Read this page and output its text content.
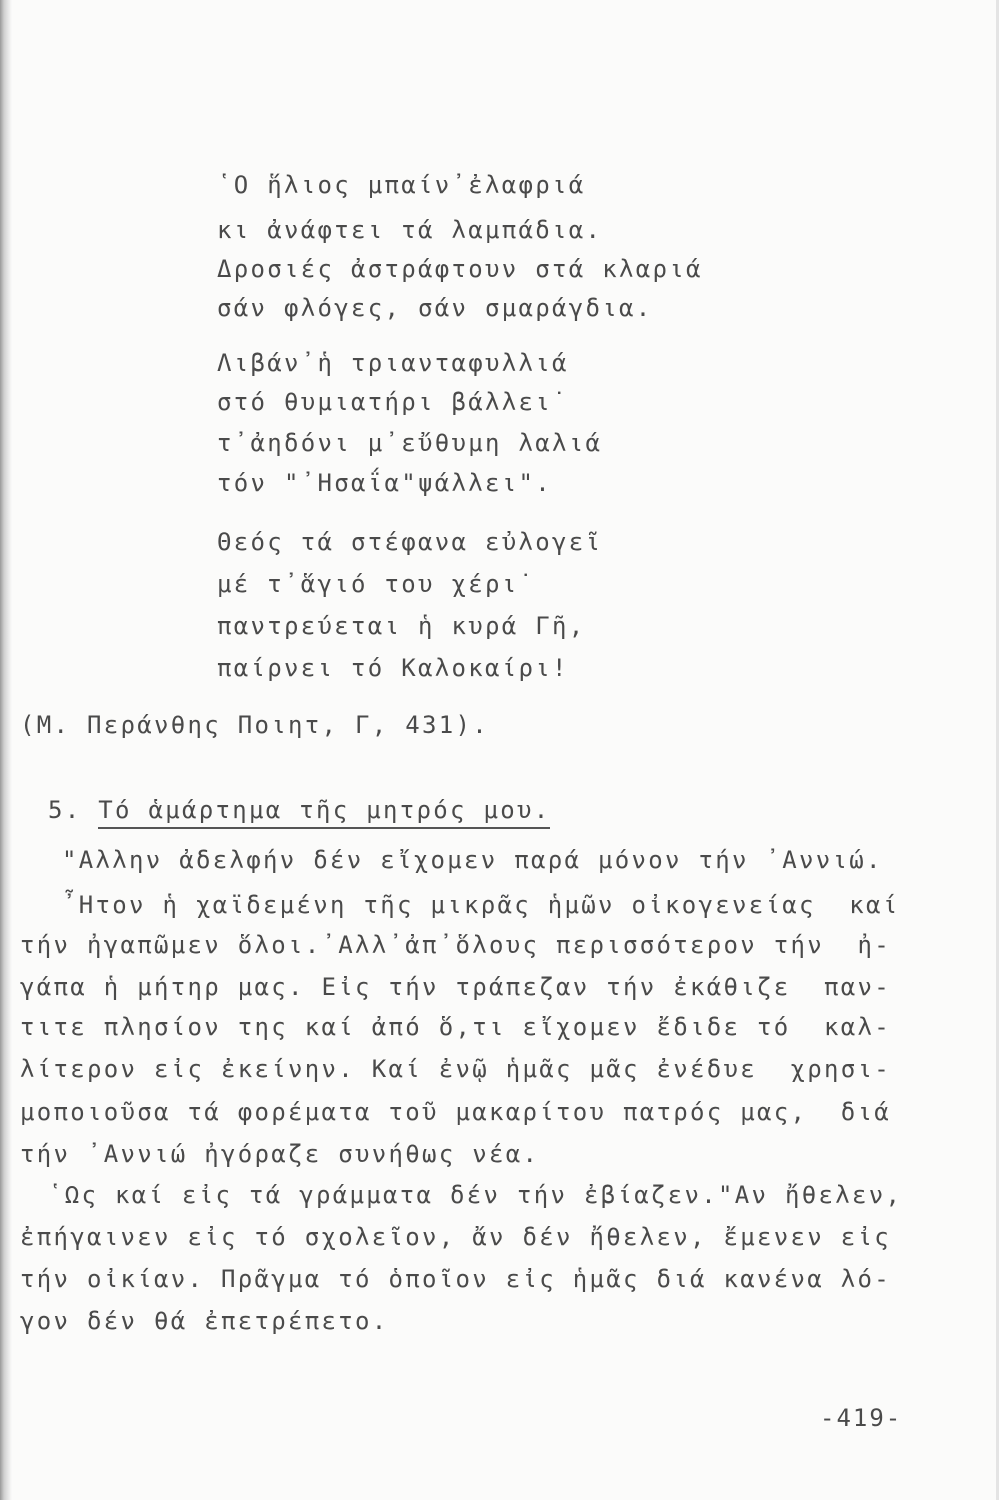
῾Ο ἥλιος μπαίν᾽ἐλαφριά
κι ἀνάφτει τά λαμπάδια.
Δροσιές ἀστράφτουν στά κλαριά
σάν φλόγες, σάν σμαράγδια.
Λιβάν᾽ἡ τριανταφυλλιά
στό θυμιατήρι βάλλει˙
τ᾽ἀηδόνι μ᾽εὔθυμη λαλιά
τόν "᾽Ησαΐα"ψάλλει".
Θεός τά στέφανα εὐλογεῖ
μέ τ᾽ἅγιό του χέρι˙
παντρεύεται ἡ κυρά Γῆ,
παίρνει τό Καλοκαίρι!
(Μ. Περάνθης Ποιητ, Γ, 431).
5. Τό ἁμάρτημα τῆς μητρός μου.
"Αλλην ἀδελφήν δέν εἴχομεν παρά μόνον τήν ᾽Αννιώ.
῏Ητον ἡ χαϊδεμένη τῆς μικρᾶς ἡμῶν οἰκογενείας  καί
τήν ἠγαπῶμεν ὅλοι.᾽Αλλ᾽ἀπ᾽ὅλους περισσότερον τήν  ἠ-
γάπα ἡ μήτηρ μας. Εἰς τήν τράπεζαν τήν ἐκάθιζε  παν-
τιτε πλησίον της καί ἀπό ὅ,τι εἴχομεν ἔδιδε τό  καλ-
λίτερον εἰς ἐκείνην. Καί ἐνῷ ἡμᾶς μᾶς ἐνέδυε  χρησι-
μοποιοῦσα τά φορέματα τοῦ μακαρίτου πατρός μας,  διά
τήν ᾽Αννιώ ἠγόραζε συνήθως νέα.
῾Ως καί εἰς τά γράμματα δέν τήν ἐβίαζεν."Αν ἤθελεν,
ἐπήγαινεν εἰς τό σχολεῖον, ἄν δέν ἤθελεν, ἔμενεν εἰς
τήν οἰκίαν. Πρᾶγμα τό ὁποῖον εἰς ἡμᾶς διά κανένα λό-
γον δέν θά ἐπετρέπετο.
-419-
